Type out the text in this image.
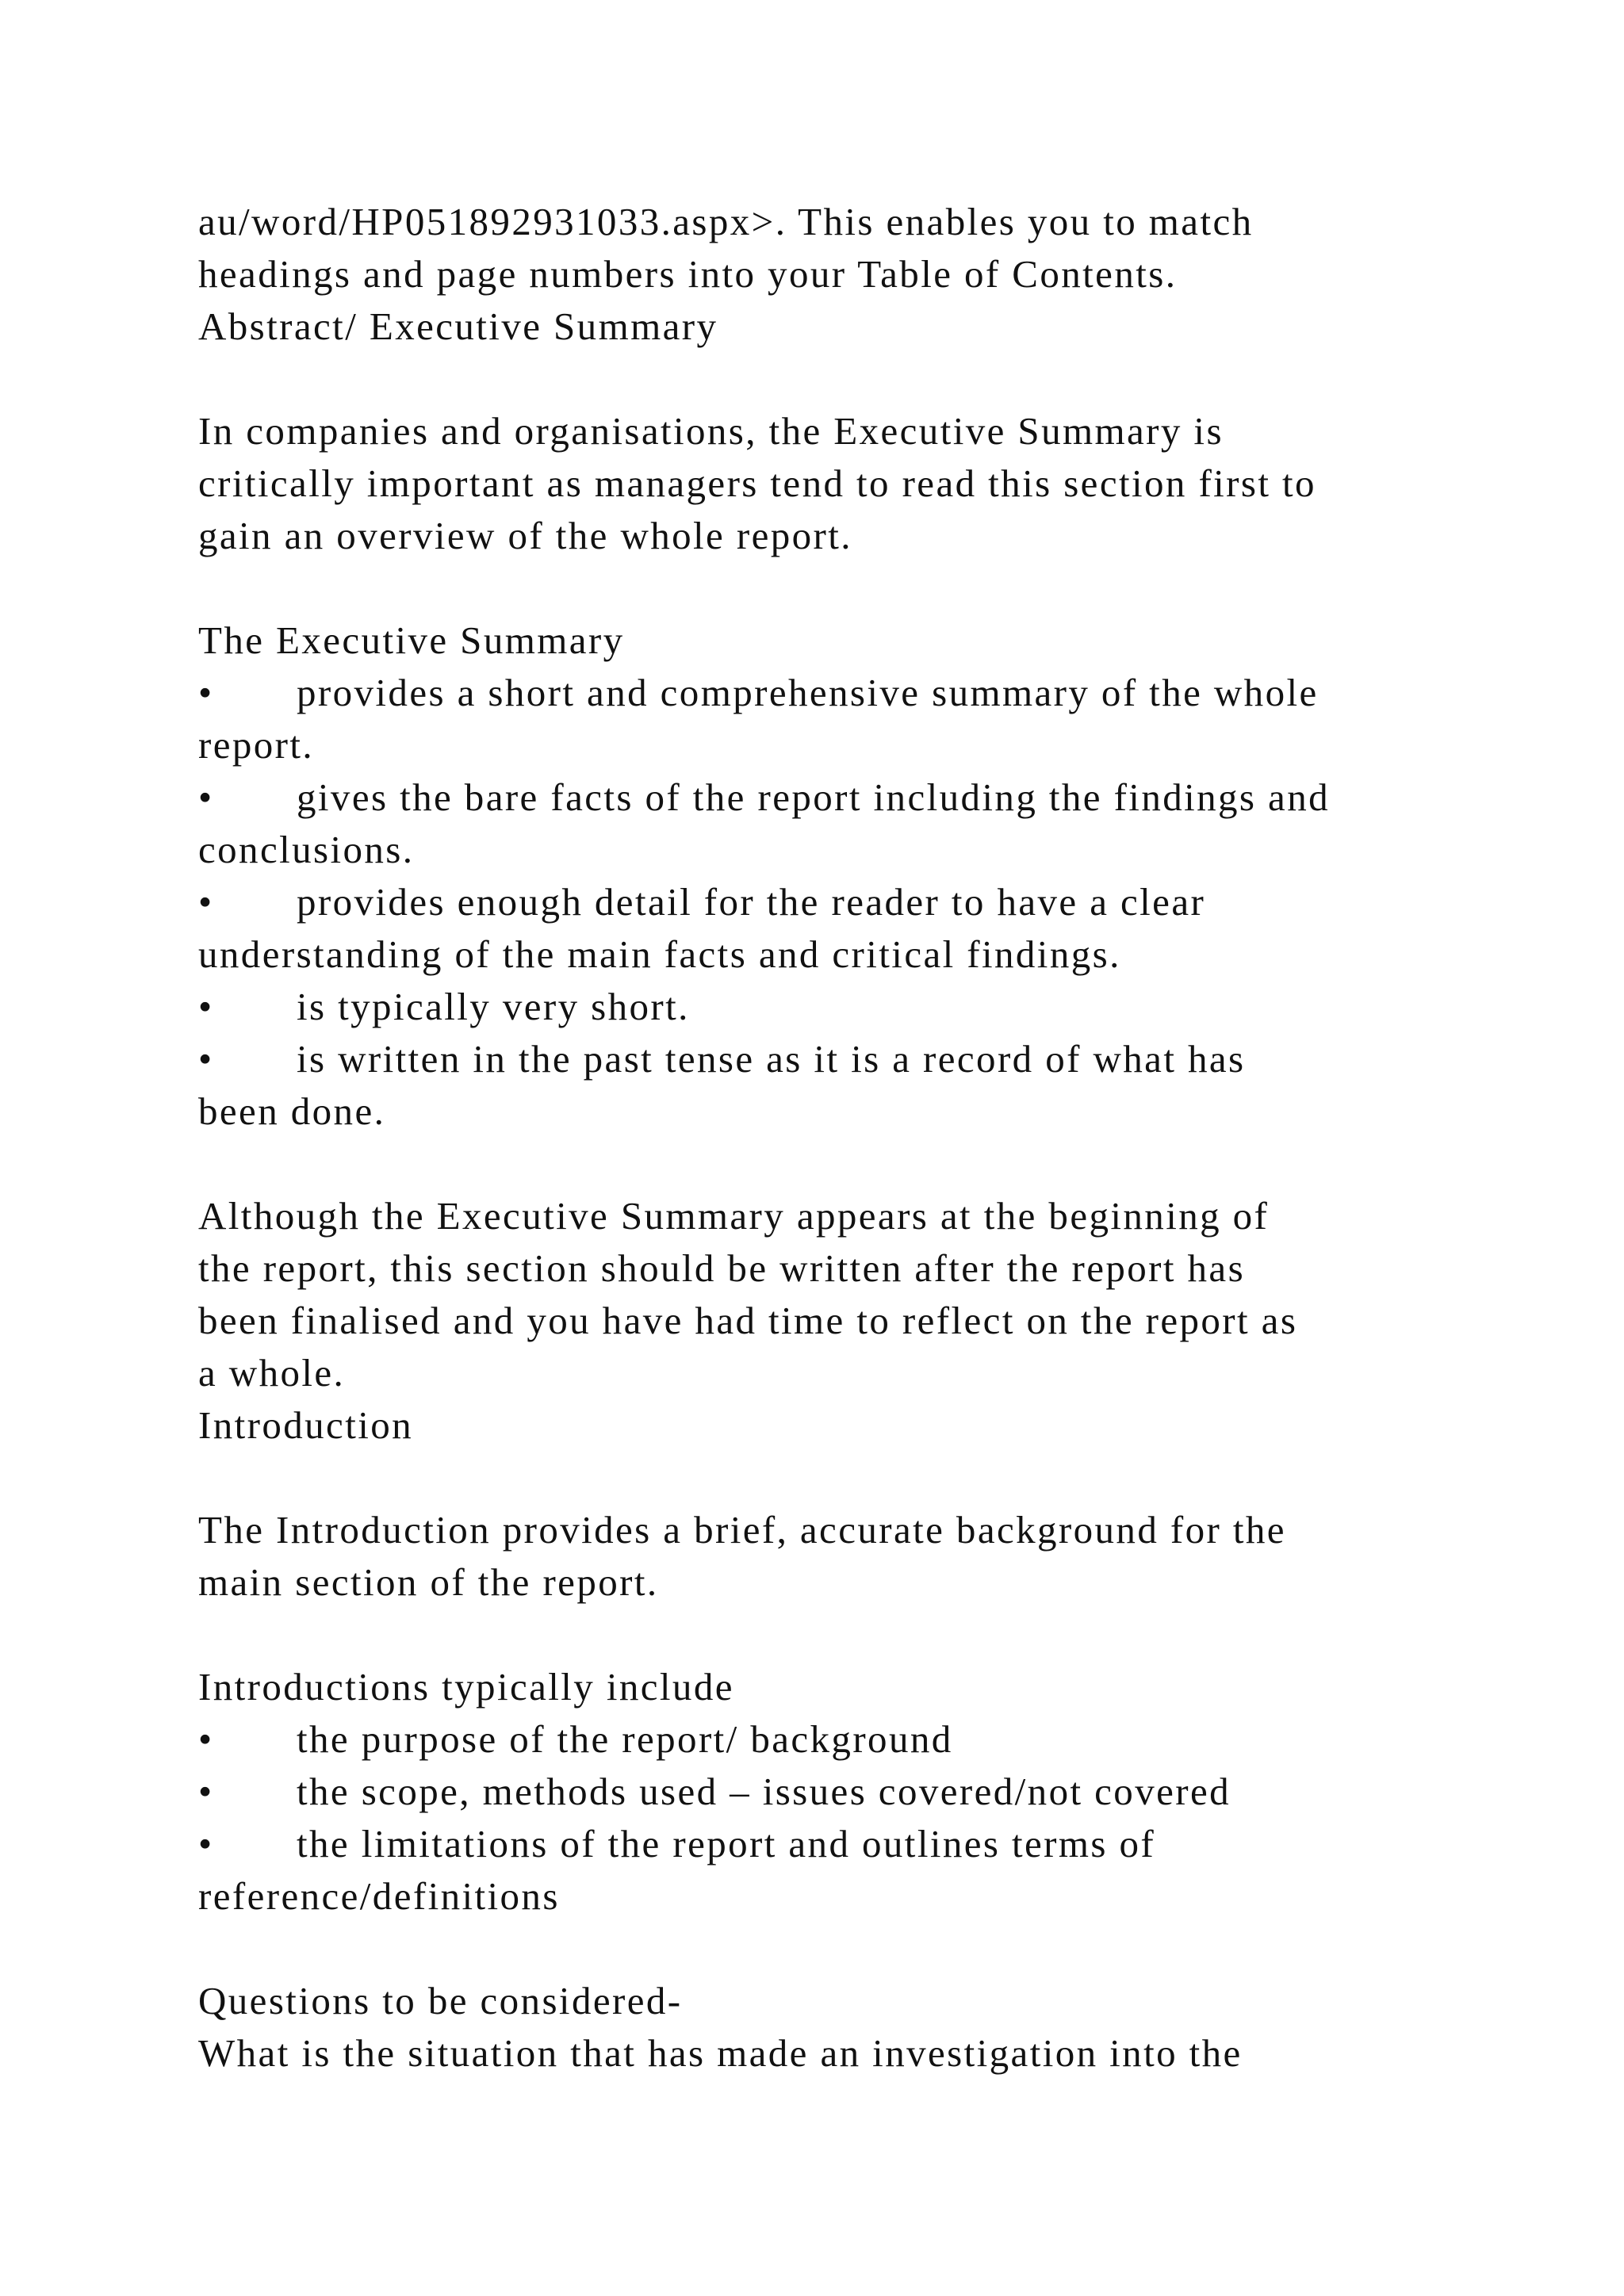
au/word/HP051892931033.aspx>. This enables you to match
headings and page numbers into your Table of Contents.
Abstract/ Executive Summary
In companies and organisations, the Executive Summary is
critically important as managers tend to read this section first to
gain an overview of the whole report.
The Executive Summary
•	provides a short and comprehensive summary of the whole
report.
•	gives the bare facts of the report including the findings and
conclusions.
•	provides enough detail for the reader to have a clear
understanding of the main facts and critical findings.
•	is typically very short.
•	is written in the past tense as it is a record of what has
been done.
Although the Executive Summary appears at the beginning of
the report, this section should be written after the report has
been finalised and you have had time to reflect on the report as
a whole.
Introduction
The Introduction provides a brief, accurate background for the
main section of the report.
Introductions typically include
•	the purpose of the report/ background
•	the scope, methods used – issues covered/not covered
•	the limitations of the report and outlines terms of
reference/definitions
Questions to be considered-
What is the situation that has made an investigation into the
